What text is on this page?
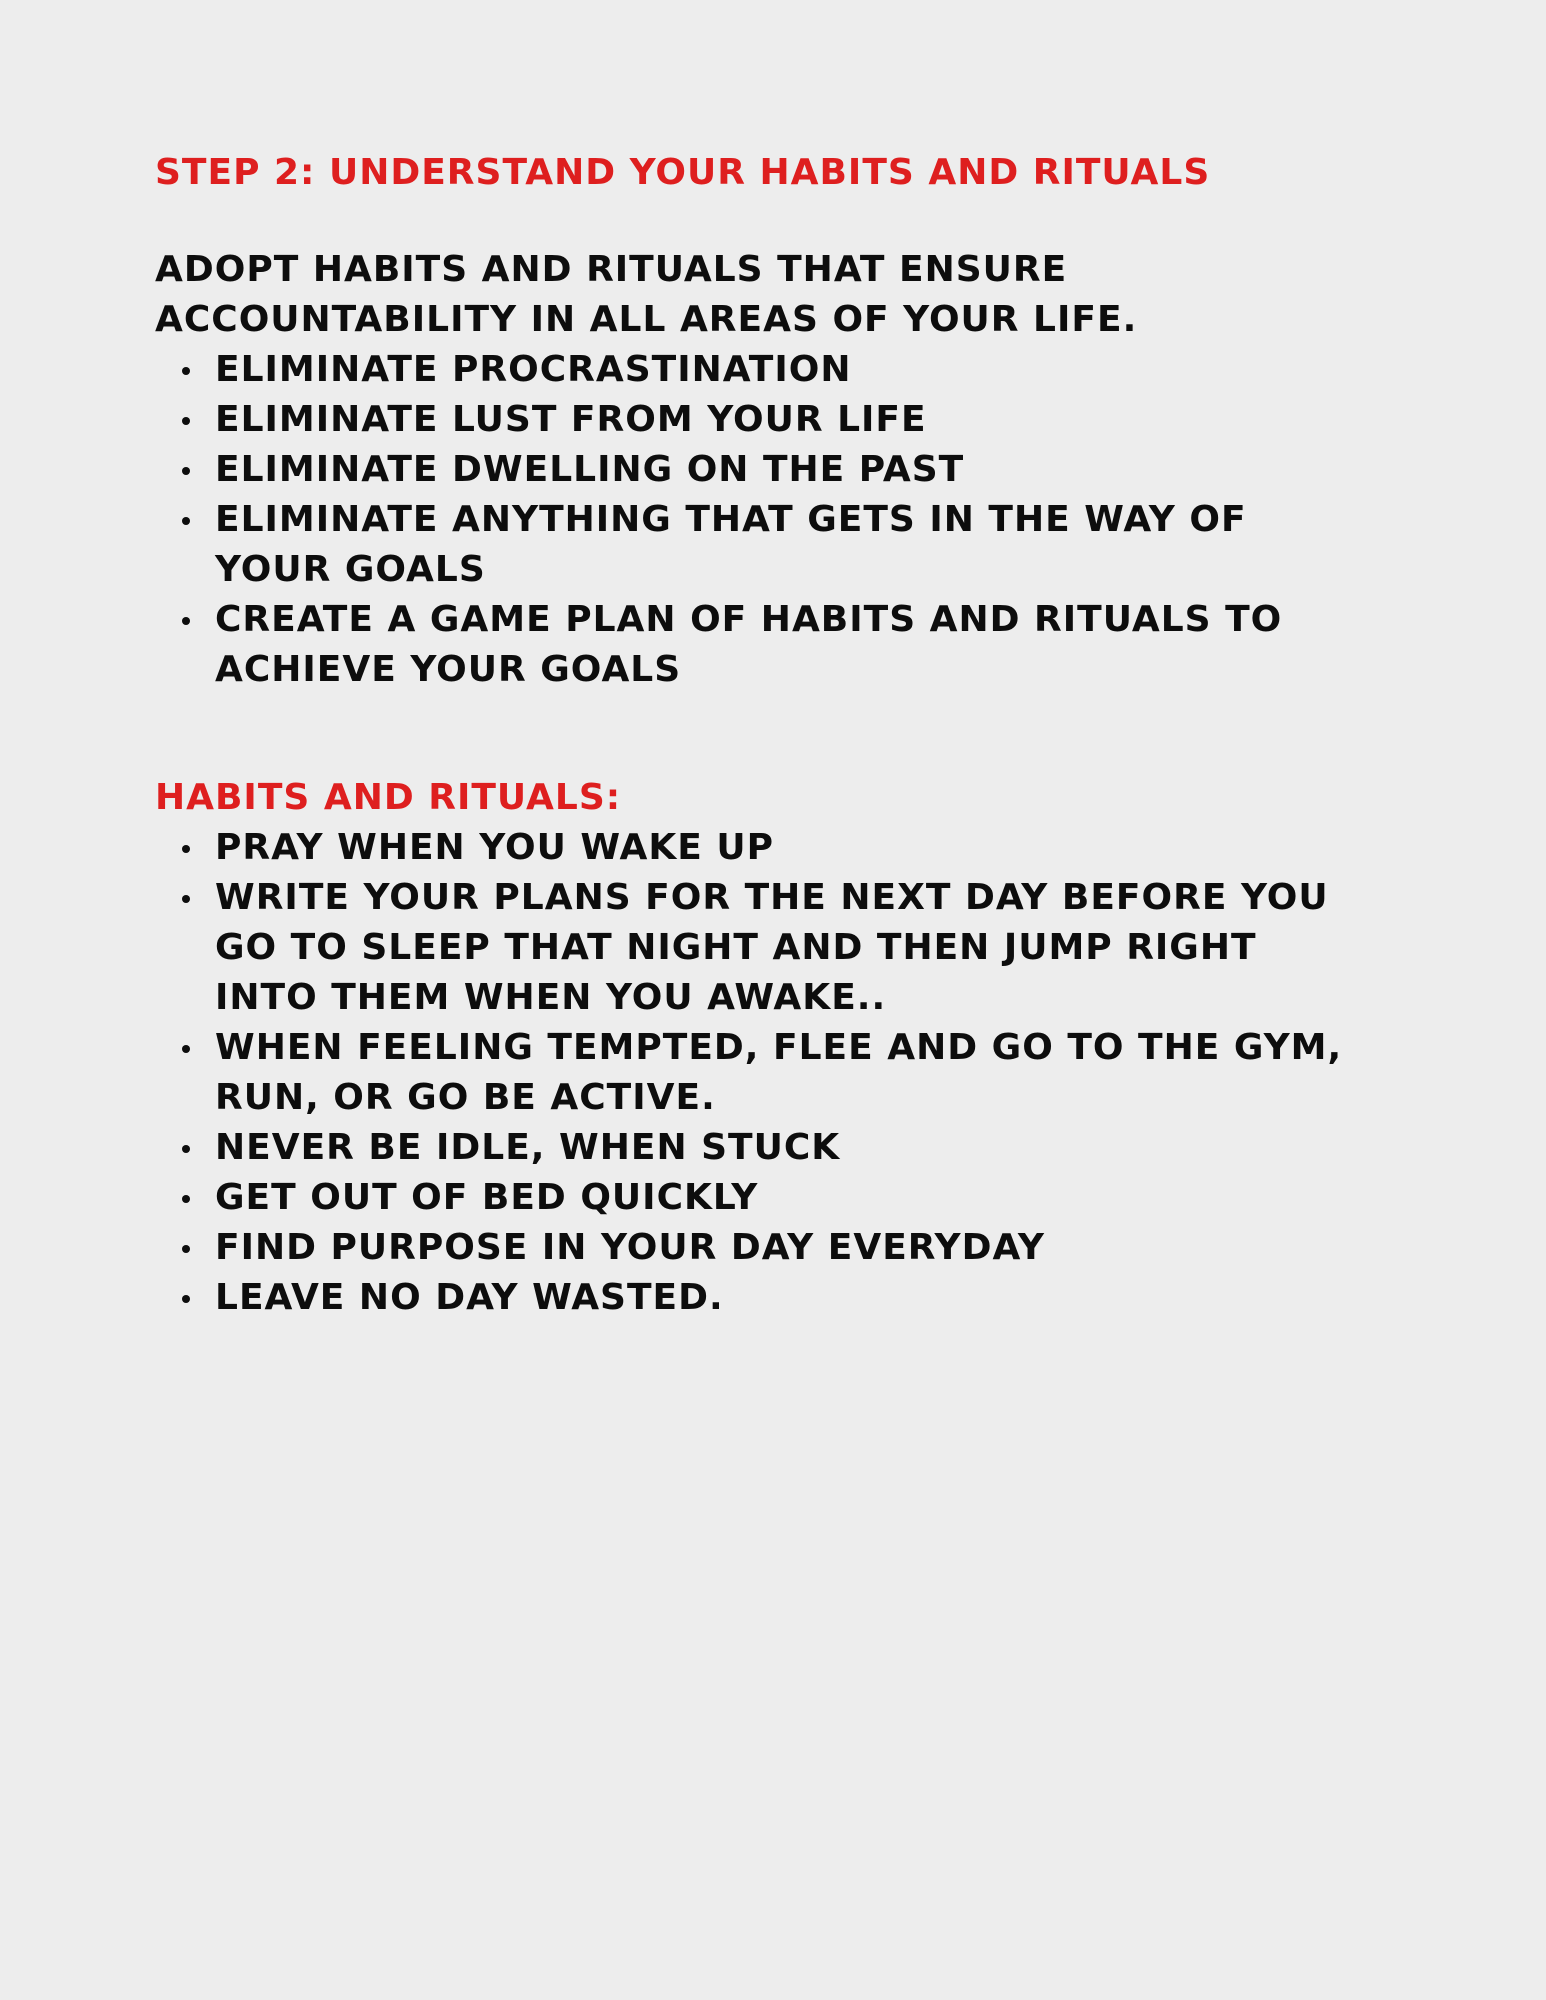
STEP 2: UNDERSTAND YOUR HABITS AND RITUALS

ADOPT HABITS AND RITUALS THAT ENSURE ACCOUNTABILITY IN ALL AREAS OF YOUR LIFE.

ELIMINATE PROCRASTINATION
ELIMINATE LUST FROM YOUR LIFE
ELIMINATE DWELLING ON THE PAST
ELIMINATE ANYTHING THAT GETS IN THE WAY OF YOUR GOALS
CREATE A GAME PLAN OF HABITS AND RITUALS TO ACHIEVE YOUR GOALS
HABITS AND RITUALS:
PRAY WHEN YOU WAKE UP
WRITE YOUR PLANS FOR THE NEXT DAY BEFORE YOU GO TO SLEEP THAT NIGHT AND THEN JUMP RIGHT INTO THEM WHEN YOU AWAKE..
WHEN FEELING TEMPTED, FLEE AND GO TO THE GYM, RUN, OR GO BE ACTIVE.
NEVER BE IDLE, WHEN STUCK
GET OUT OF BED QUICKLY
FIND PURPOSE IN YOUR DAY EVERYDAY
LEAVE NO DAY WASTED.
